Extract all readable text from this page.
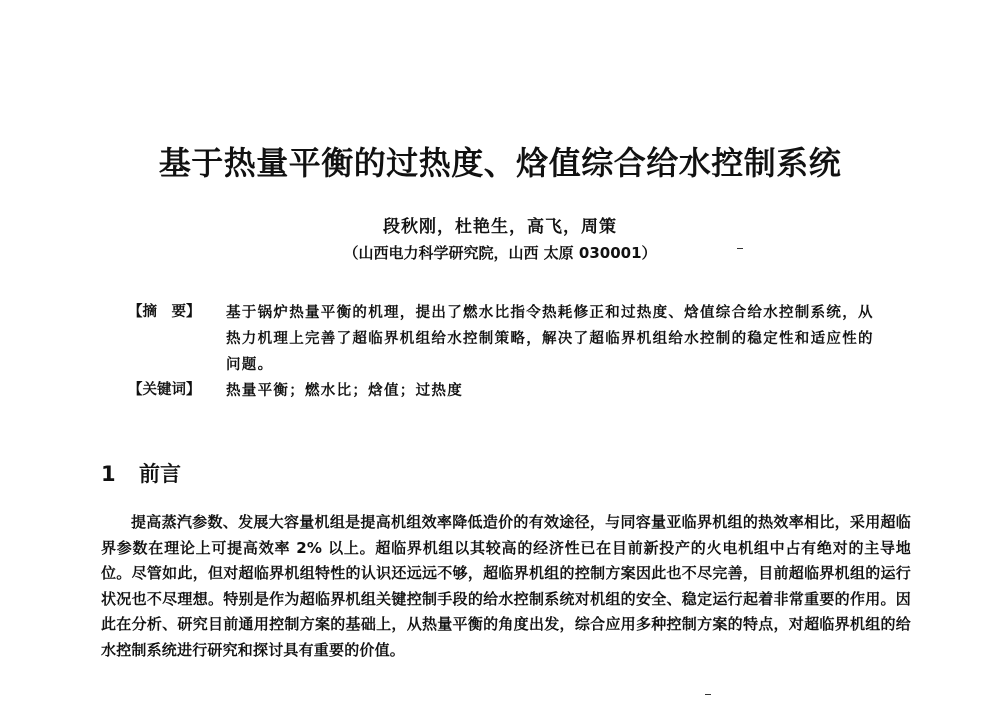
基于热量平衡的过热度、焓值综合给水控制系统
段秋刚，杜艳生，高飞，周策
（山西电力科学研究院，山西 太原 030001）
【摘　要】	基于锅炉热量平衡的机理，提出了燃水比指令热耗修正和过热度、焓值综合给水控制系统，从热力机理上完善了超临界机组给水控制策略，解决了超临界机组给水控制的稳定性和适应性的问题。
【关键词】	热量平衡；燃水比；焓值；过热度
1 前言
提高蒸汽参数、发展大容量机组是提高机组效率降低造价的有效途径，与同容量亚临界机组的热效率相比，采用超临界参数在理论上可提高效率 2% 以上。超临界机组以其较高的经济性已在目前新投产的火电机组中占有绝对的主导地位。尽管如此，但对超临界机组特性的认识还远远不够，超临界机组的控制方案因此也不尽完善，目前超临界机组的运行状况也不尽理想。特别是作为超临界机组关键控制手段的给水控制系统对机组的安全、稳定运行起着非常重要的作用。因此在分析、研究目前通用控制方案的基础上，从热量平衡的角度出发，综合应用多种控制方案的特点，对超临界机组的给水控制系统进行研究和探讨具有重要的价值。
